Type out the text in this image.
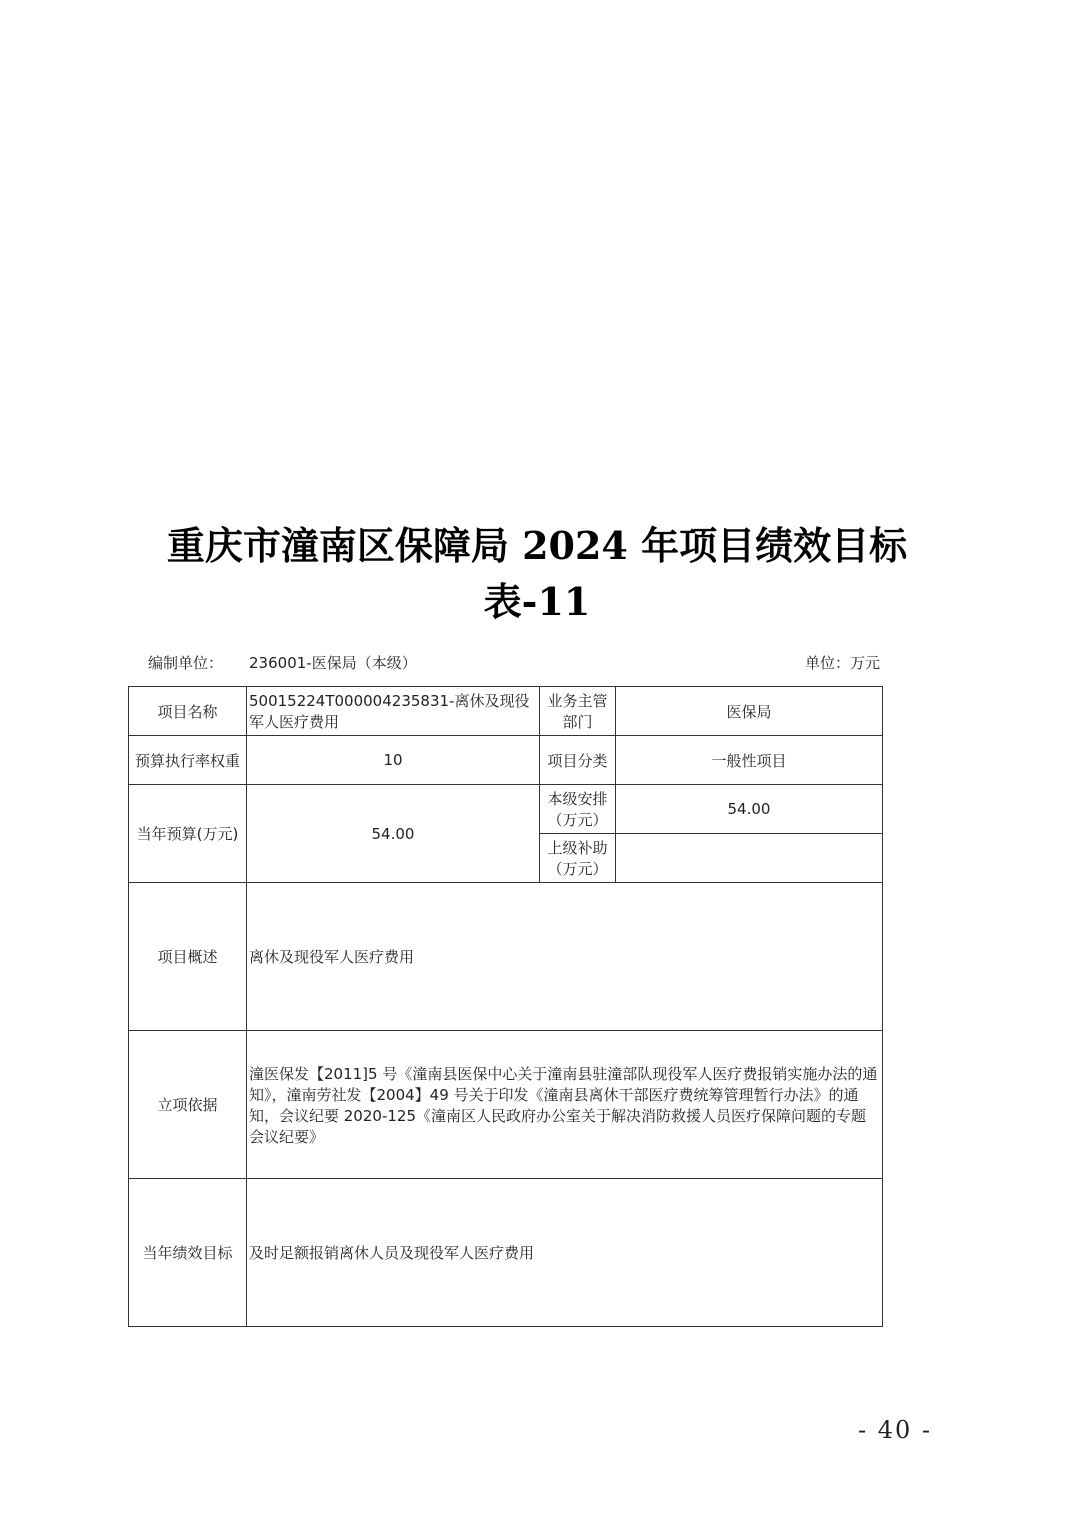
重庆市潼南区保障局 2024 年项目绩效目标
表-11
编制单位： 236001-医保局（本级）	单位：万元
项目名称	50015224T000004235831-离休及现役军人医疗费用	业务主管部门	医保局
预算执行率权重	10	项目分类	一般性项目
当年预算(万元)	54.00	本级安排（万元）	54.00
		上级补助（万元）	
项目概述	离休及现役军人医疗费用		
立项依据	潼医保发【2011]5 号《潼南县医保中心关于潼南县驻潼部队现役军人医疗费报销实施办法的通知》，潼南劳社发【2004】49 号关于印发《潼南县离休干部医疗费统筹管理暂行办法》的通知，会议纪要 2020-125《潼南区人民政府办公室关于解决消防救援人员医疗保障问题的专题会议纪要》		
当年绩效目标	及时足额报销离休人员及现役军人医疗费用		
- 40 -
